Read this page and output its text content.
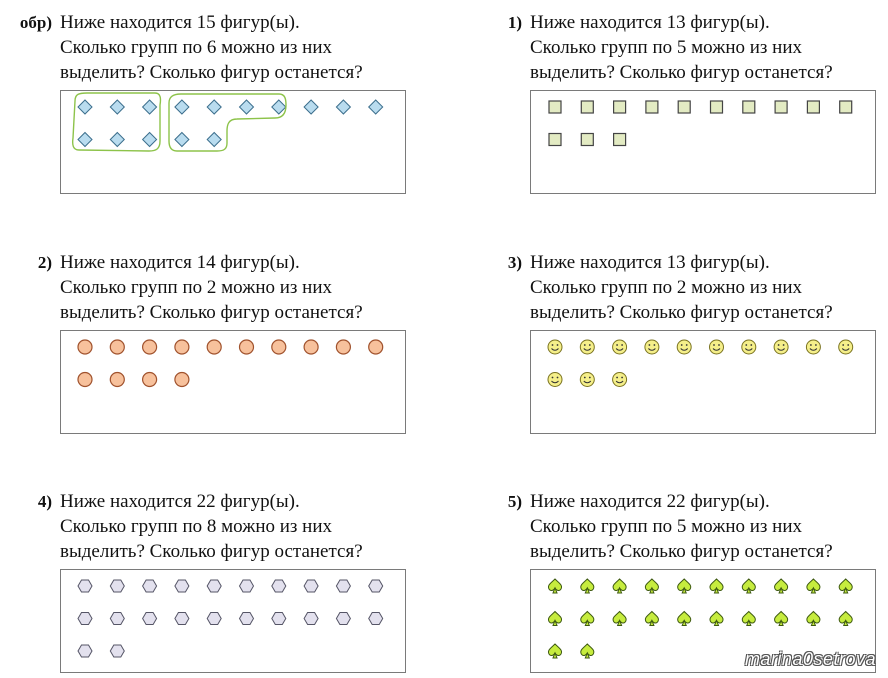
обр) Ниже находится 15 фигур(ы).
Сколько групп по 6 можно из них
выделить? Сколько фигур останется?
1) Ниже находится 13 фигур(ы).
Сколько групп по 5 можно из них
выделить? Сколько фигур останется?
2) Ниже находится 14 фигур(ы).
Сколько групп по 2 можно из них
выделить? Сколько фигур останется?
3) Ниже находится 13 фигур(ы).
Сколько групп по 2 можно из них
выделить? Сколько фигур останется?
4) Ниже находится 22 фигур(ы).
Сколько групп по 8 можно из них
выделить? Сколько фигур останется?
5) Ниже находится 22 фигур(ы).
Сколько групп по 5 можно из них
выделить? Сколько фигур останется?
marina0setrova
